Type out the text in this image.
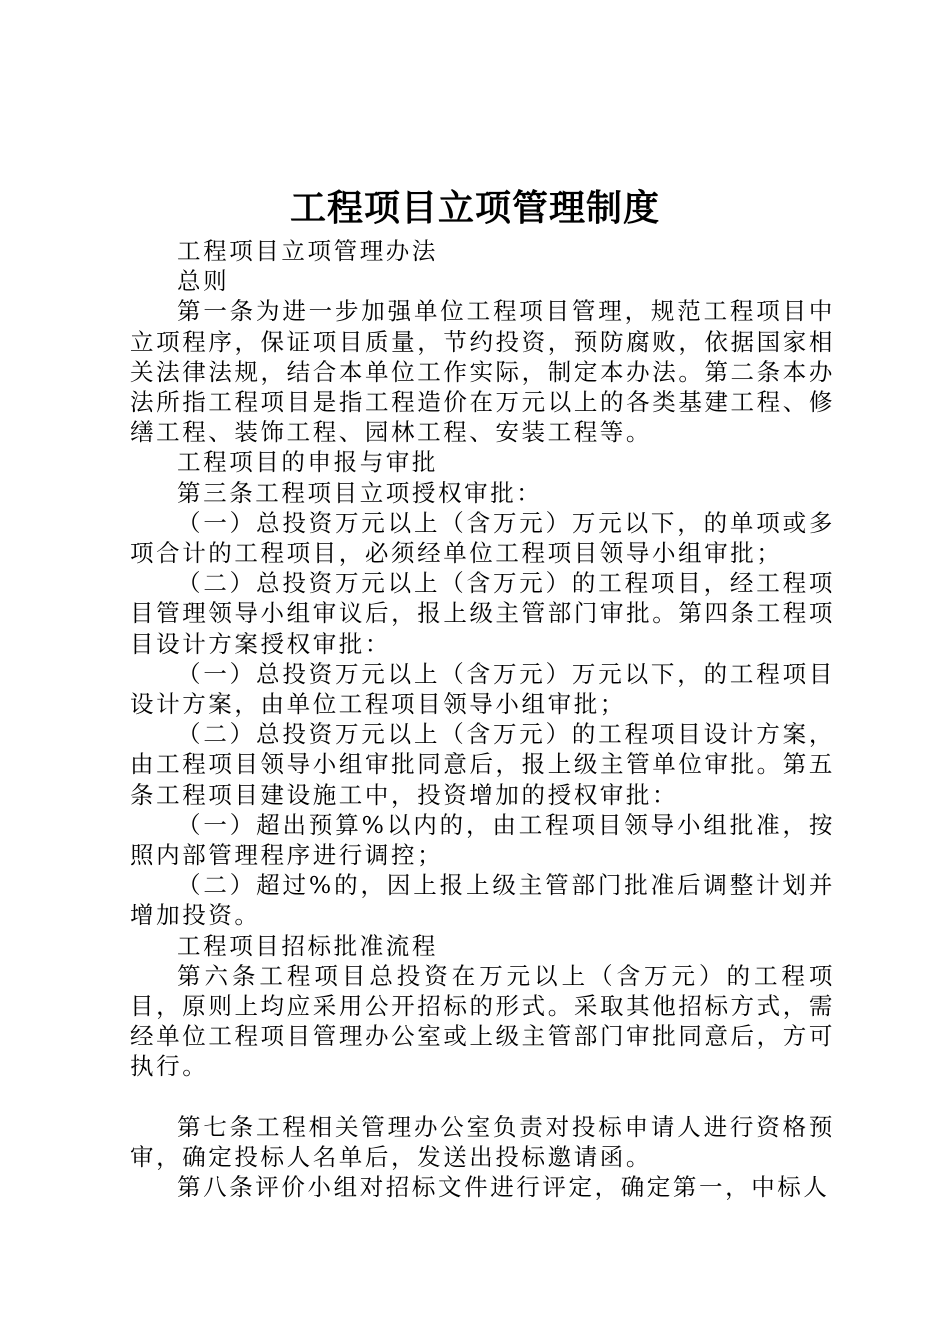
工程项目立项管理制度

工程项目立项管理办法

总则

第一条为进一步加强单位工程项目管理，规范工程项目中立项程序，保证项目质量，节约投资，预防腐败，依据国家相关法律法规，结合本单位工作实际，制定本办法。第二条本办法所指工程项目是指工程造价在万元以上的各类基建工程、修缮工程、装饰工程、园林工程、安装工程等。

工程项目的申报与审批

第三条工程项目立项授权审批：

（一）总投资万元以上（含万元）万元以下，的单项或多项合计的工程项目，必须经单位工程项目领导小组审批；

（二）总投资万元以上（含万元）的工程项目，经工程项目管理领导小组审议后，报上级主管部门审批。第四条工程项目设计方案授权审批：

（一）总投资万元以上（含万元）万元以下，的工程项目设计方案，由单位工程项目领导小组审批；

（二）总投资万元以上（含万元）的工程项目设计方案，由工程项目领导小组审批同意后，报上级主管单位审批。第五条工程项目建设施工中，投资增加的授权审批：

（一）超出预算%以内的，由工程项目领导小组批准，按照内部管理程序进行调控；

（二）超过%的，因上报上级主管部门批准后调整计划并增加投资。

工程项目招标批准流程

第六条工程项目总投资在万元以上（含万元）的工程项目，原则上均应采用公开招标的形式。采取其他招标方式，需经单位工程项目管理办公室或上级主管部门审批同意后，方可执行。

第七条工程相关管理办公室负责对投标申请人进行资格预审，确定投标人名单后，发送出投标邀请函。

第八条评价小组对招标文件进行评定，确定第一，中标人
